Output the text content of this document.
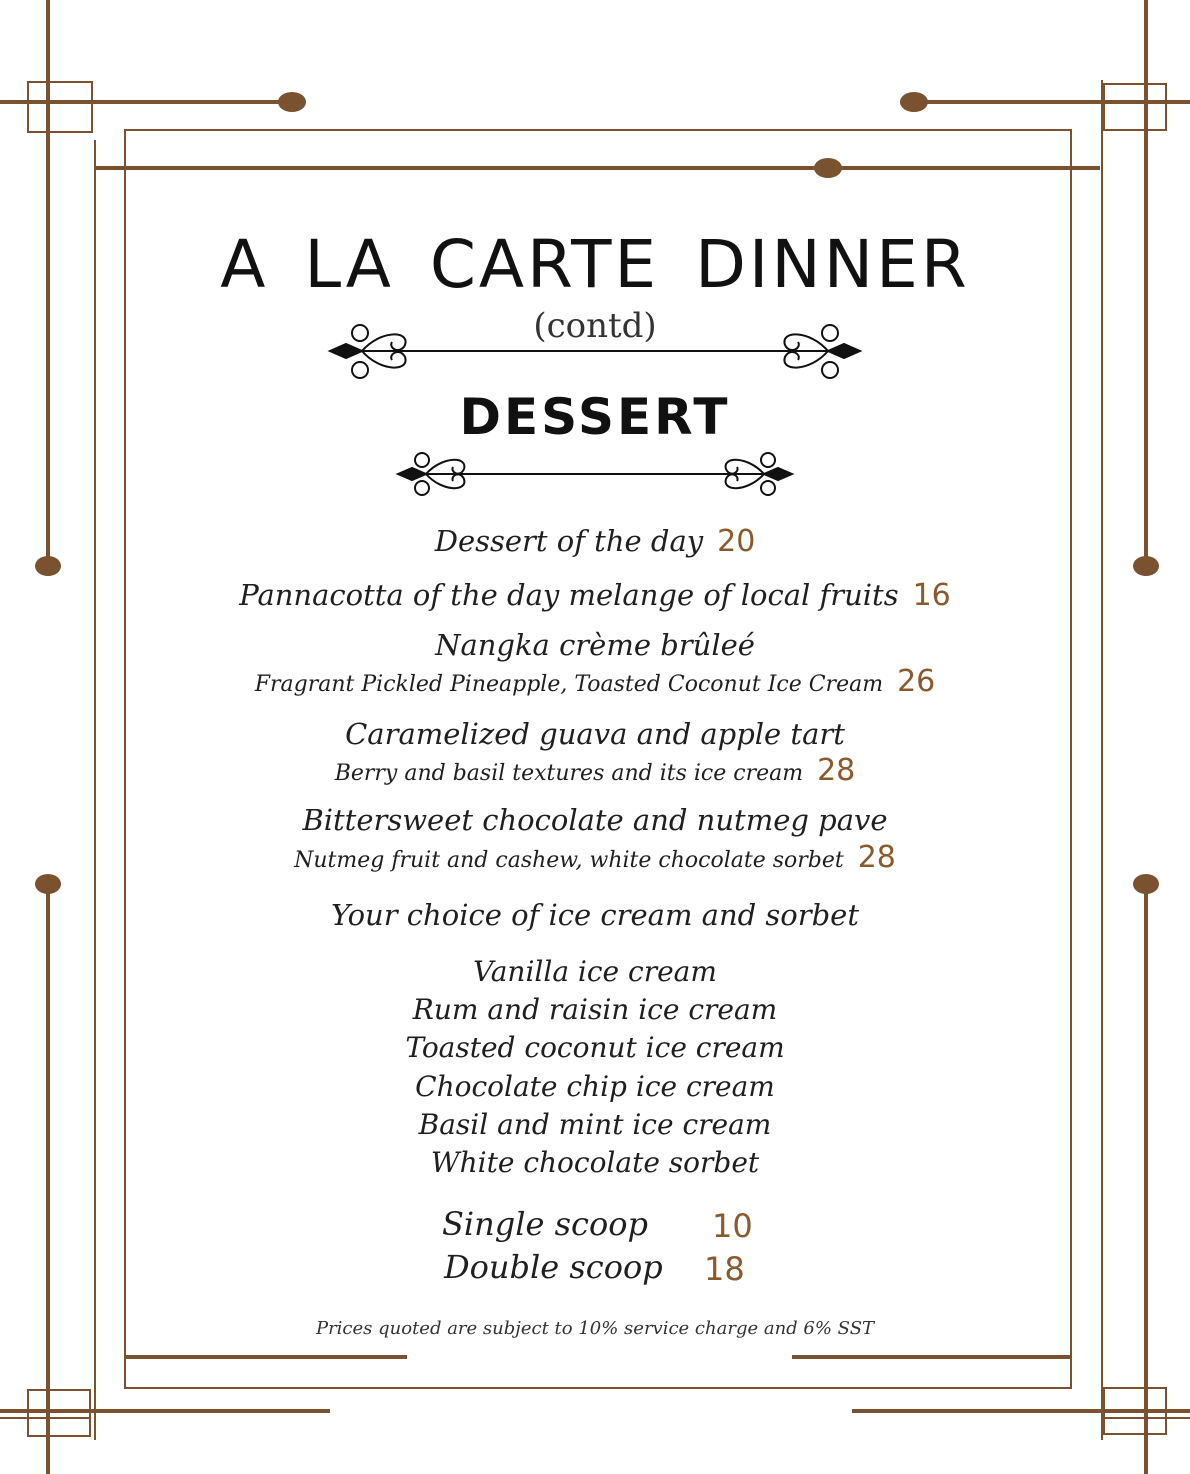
A LA CARTE DINNER
(contd)
DESSERT
Dessert of the day 20
Pannacotta of the day melange of local fruits 16
Nangka crème brûleé
Fragrant Pickled Pineapple, Toasted Coconut Ice Cream 26
Caramelized guava and apple tart
Berry and basil textures and its ice cream 28
Bittersweet chocolate and nutmeg pave
Nutmeg fruit and cashew, white chocolate sorbet 28
Your choice of ice cream and sorbet
Vanilla ice cream
Rum and raisin ice cream
Toasted coconut ice cream
Chocolate chip ice cream
Basil and mint ice cream
White chocolate sorbet
Single scoop 10
Double scoop 18
Prices quoted are subject to 10% service charge and 6% SST
